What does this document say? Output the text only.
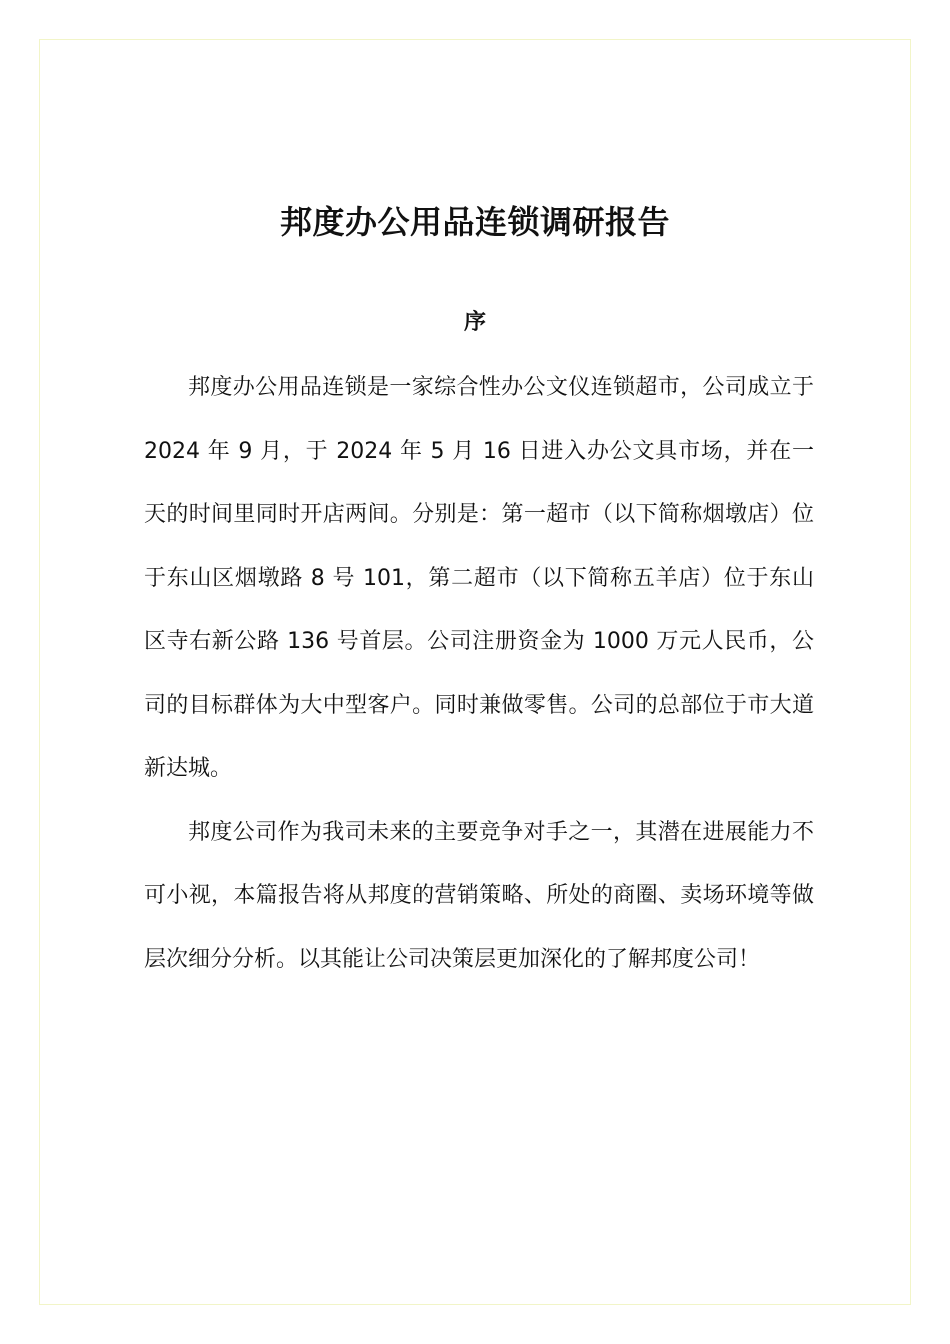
邦度办公用品连锁调研报告
序

邦度办公用品连锁是一家综合性办公文仪连锁超市，公司成立于 2024 年 9 月，于 2024 年 5 月 16 日进入办公文具市场，并在一天的时间里同时开店两间。分别是：第一超市（以下简称烟墩店）位于东山区烟墩路 8 号 101，第二超市（以下简称五羊店）位于东山区寺右新公路 136 号首层。公司注册资金为 1000 万元人民币，公司的目标群体为大中型客户。同时兼做零售。公司的总部位于市大道新达城。

邦度公司作为我司未来的主要竞争对手之一，其潜在进展能力不可小视，本篇报告将从邦度的营销策略、所处的商圈、卖场环境等做层次细分分析。以其能让公司决策层更加深化的了解邦度公司！
